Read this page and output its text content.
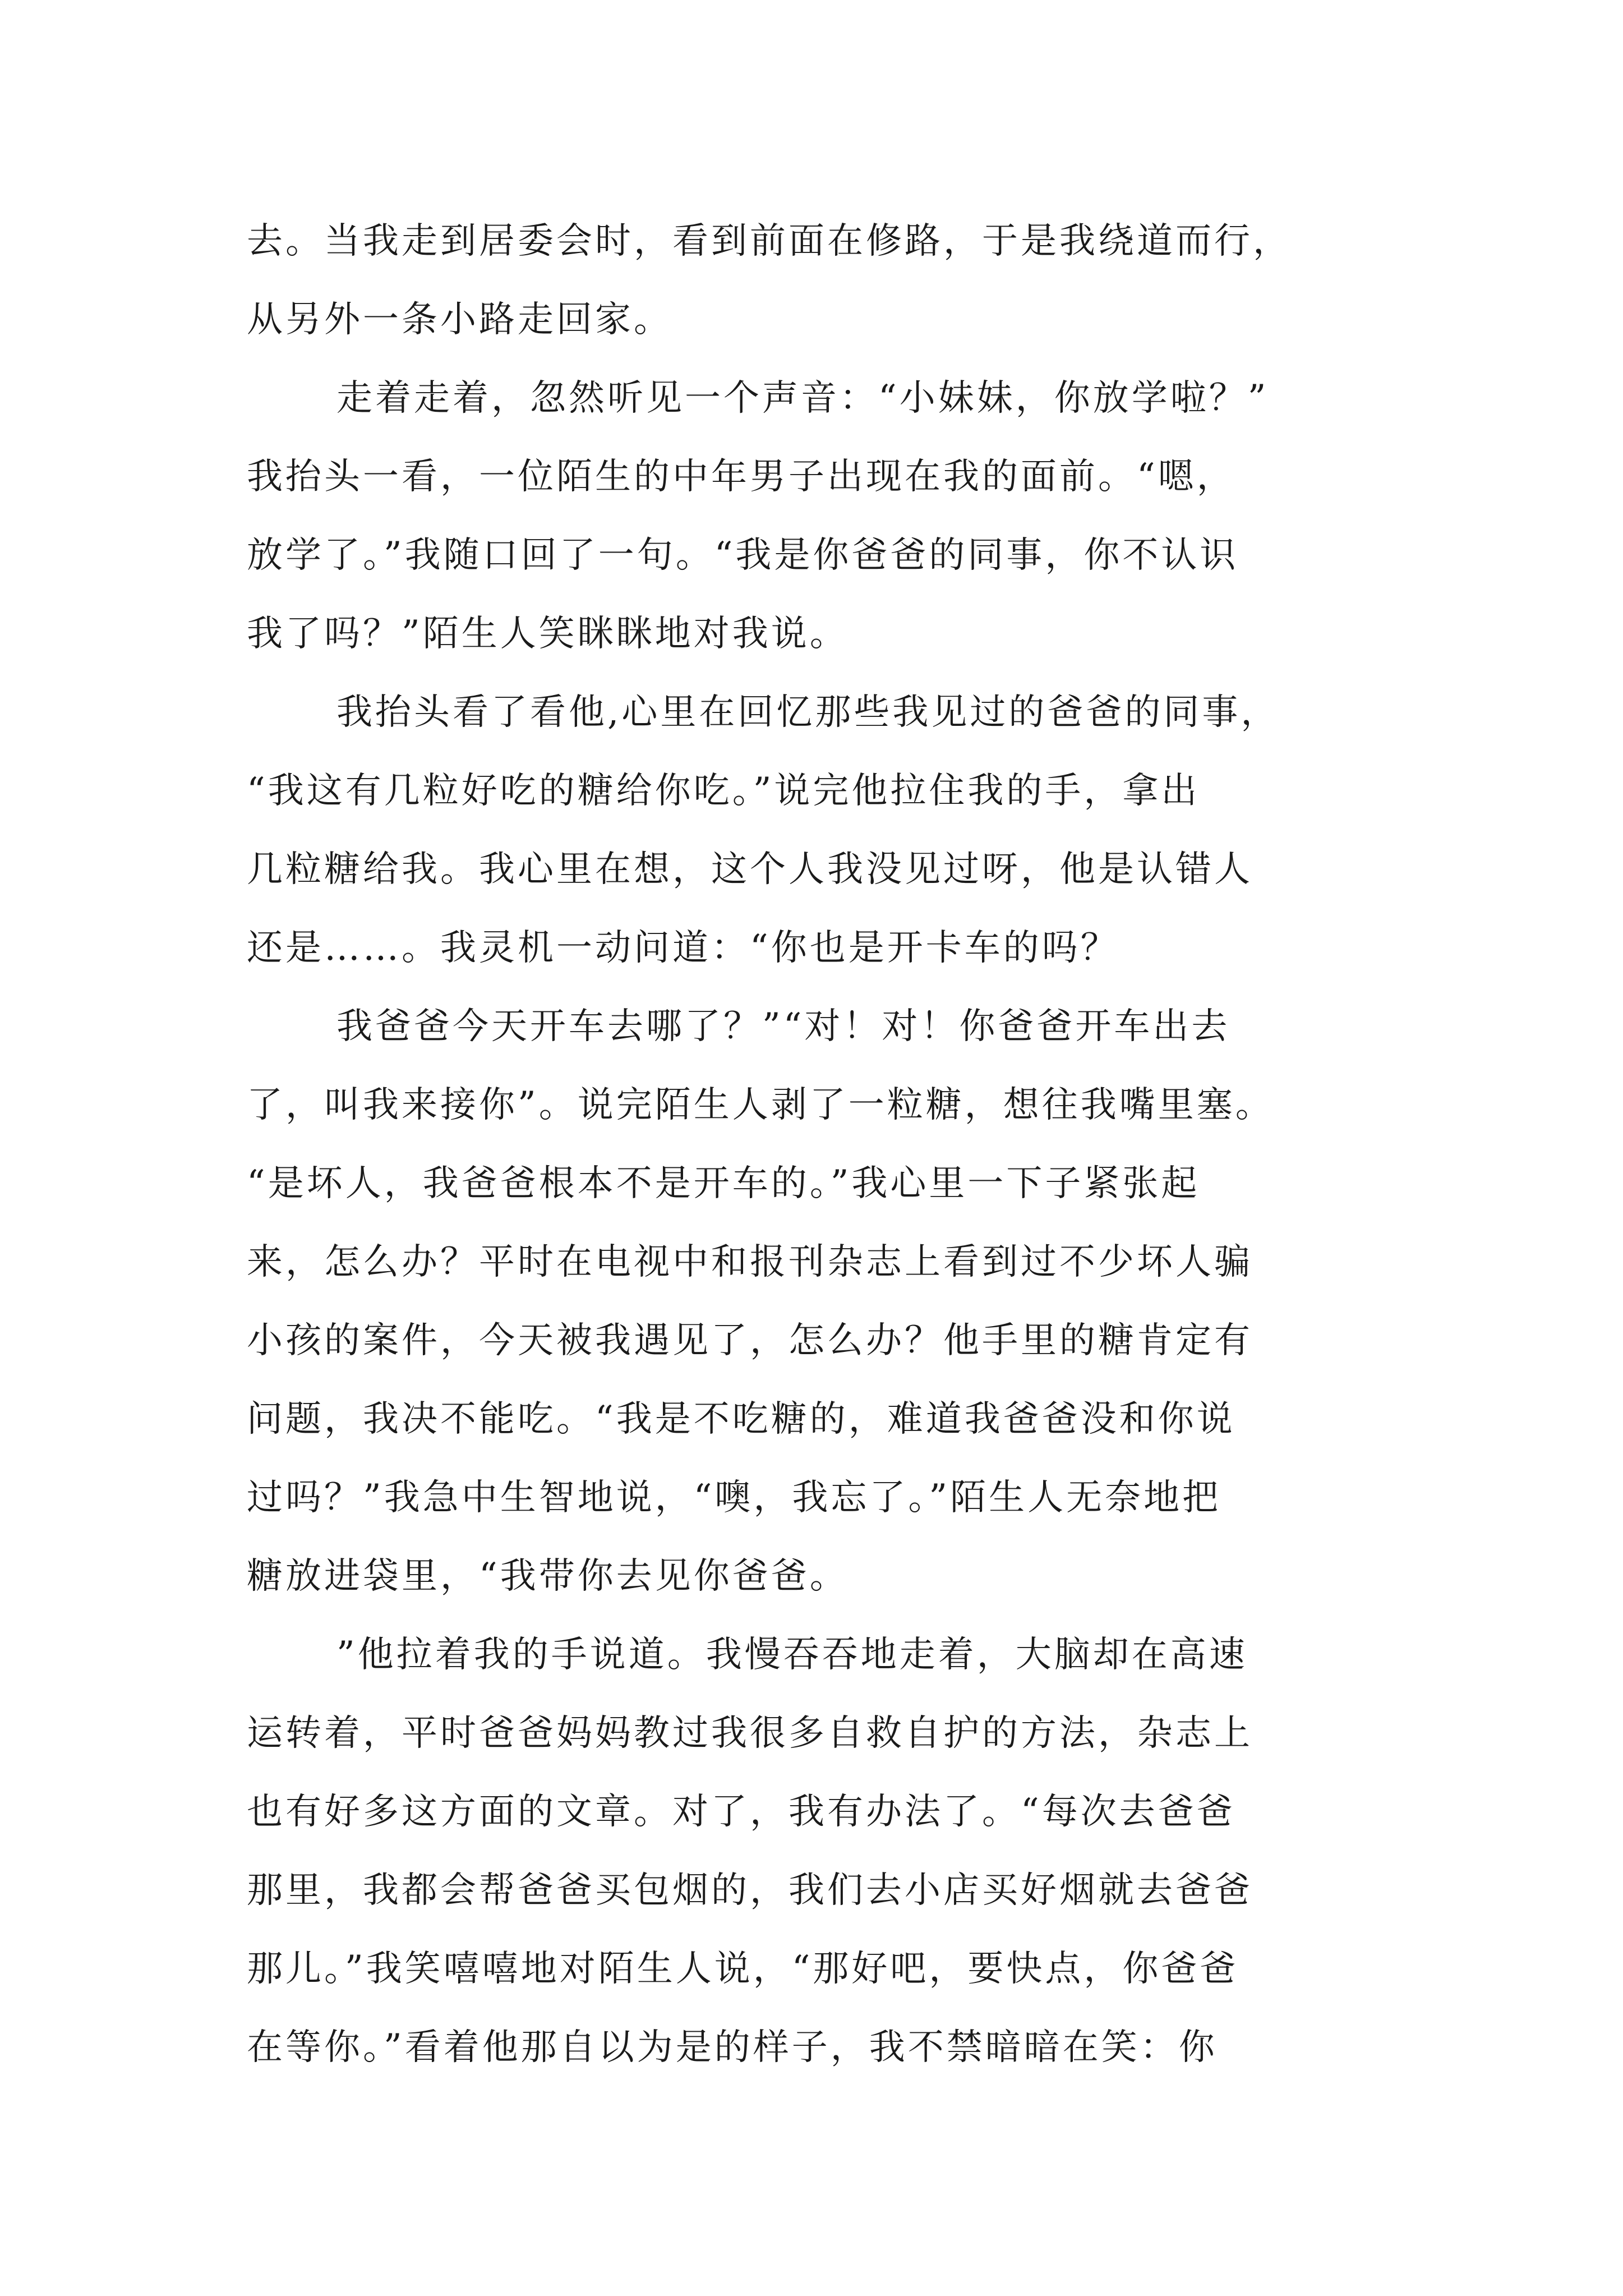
去。当我走到居委会时，看到前面在修路，于是我绕道而行，
从另外一条小路走回家。
走着走着，忽然听见一个声音：“小妹妹，你放学啦？”
我抬头一看，一位陌生的中年男子出现在我的面前。“嗯，
放学了。”我随口回了一句。“我是你爸爸的同事，你不认识
我了吗？”陌生人笑眯眯地对我说。
我抬头看了看他,心里在回忆那些我见过的爸爸的同事，
“我这有几粒好吃的糖给你吃。”说完他拉住我的手，拿出
几粒糖给我。我心里在想，这个人我没见过呀，他是认错人
还是……。我灵机一动问道：“你也是开卡车的吗？
我爸爸今天开车去哪了？”“对！对！你爸爸开车出去
了，叫我来接你”。说完陌生人剥了一粒糖，想往我嘴里塞。
“是坏人，我爸爸根本不是开车的。”我心里一下子紧张起
来，怎么办？平时在电视中和报刊杂志上看到过不少坏人骗
小孩的案件，今天被我遇见了，怎么办？他手里的糖肯定有
问题，我决不能吃。“我是不吃糖的，难道我爸爸没和你说
过吗？”我急中生智地说，“噢，我忘了。”陌生人无奈地把
糖放进袋里，“我带你去见你爸爸。
”他拉着我的手说道。我慢吞吞地走着，大脑却在高速
运转着，平时爸爸妈妈教过我很多自救自护的方法，杂志上
也有好多这方面的文章。对了，我有办法了。“每次去爸爸
那里，我都会帮爸爸买包烟的，我们去小店买好烟就去爸爸
那儿。”我笑嘻嘻地对陌生人说，“那好吧，要快点，你爸爸
在等你。”看着他那自以为是的样子，我不禁暗暗在笑：你
